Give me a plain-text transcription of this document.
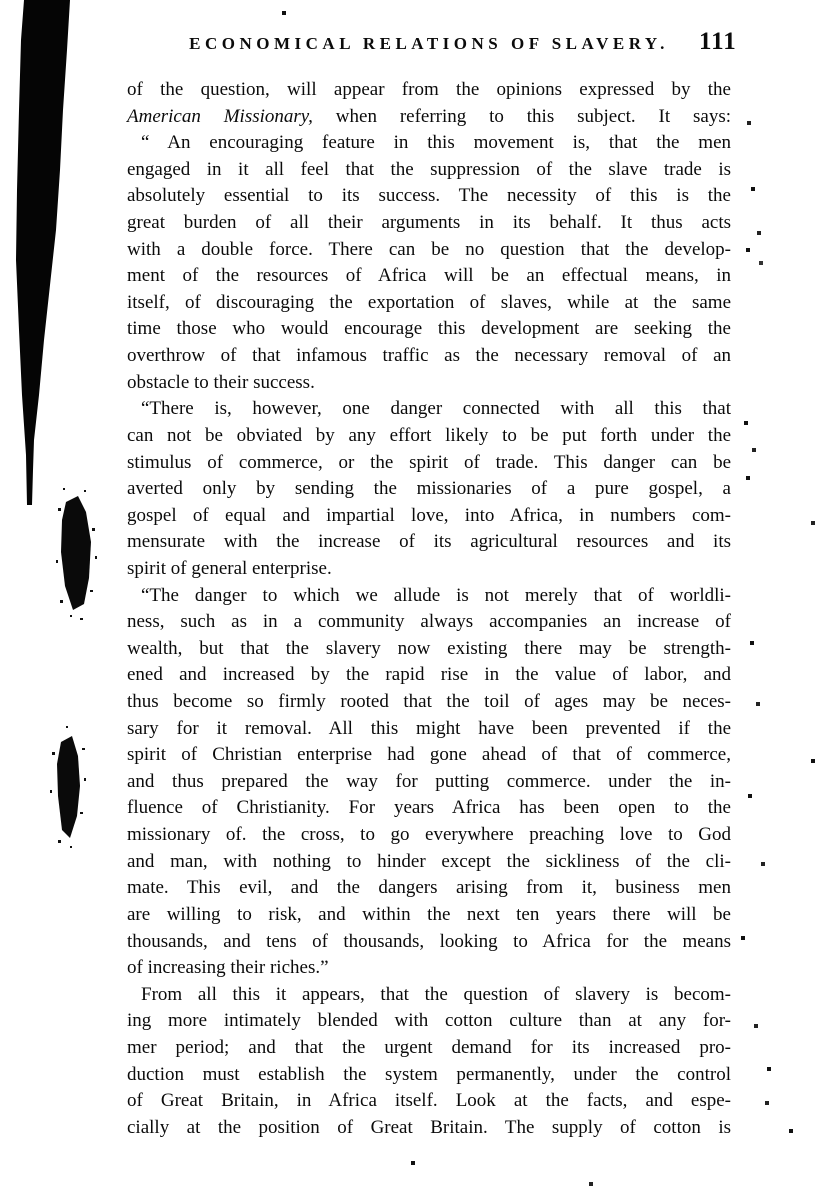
ECONOMICAL RELATIONS OF SLAVERY.	111
of the question, will appear from the opinions expressed by the
American Missionary, when referring to this subject. It says:
“ An encouraging feature in this movement is, that the men
engaged in it all feel that the suppression of the slave trade is
absolutely essential to its success. The necessity of this is the
great burden of all their arguments in its behalf. It thus acts
with a double force. There can be no question that the develop-
ment of the resources of Africa will be an effectual means, in
itself, of discouraging the exportation of slaves, while at the same
time those who would encourage this development are seeking the
overthrow of that infamous traffic as the necessary removal of an
obstacle to their success.
“There is, however, one danger connected with all this that
can not be obviated by any effort likely to be put forth under the
stimulus of commerce, or the spirit of trade. This danger can be
averted only by sending the missionaries of a pure gospel, a
gospel of equal and impartial love, into Africa, in numbers com-
mensurate with the increase of its agricultural resources and its
spirit of general enterprise.
“The danger to which we allude is not merely that of worldli-
ness, such as in a community always accompanies an increase of
wealth, but that the slavery now existing there may be strength-
ened and increased by the rapid rise in the value of labor, and
thus become so firmly rooted that the toil of ages may be neces-
sary for it removal. All this might have been prevented if the
spirit of Christian enterprise had gone ahead of that of commerce,
and thus prepared the way for putting commerce. under the in-
fluence of Christianity. For years Africa has been open to the
missionary of. the cross, to go everywhere preaching love to God
and man, with nothing to hinder except the sickliness of the cli-
mate. This evil, and the dangers arising from it, business men
are willing to risk, and within the next ten years there will be
thousands, and tens of thousands, looking to Africa for the means
of increasing their riches.”
From all this it appears, that the question of slavery is becom-
ing more intimately blended with cotton culture than at any for-
mer period; and that the urgent demand for its increased pro-
duction must establish the system permanently, under the control
of Great Britain, in Africa itself. Look at the facts, and espe-
cially at the position of Great Britain. The supply of cotton is
